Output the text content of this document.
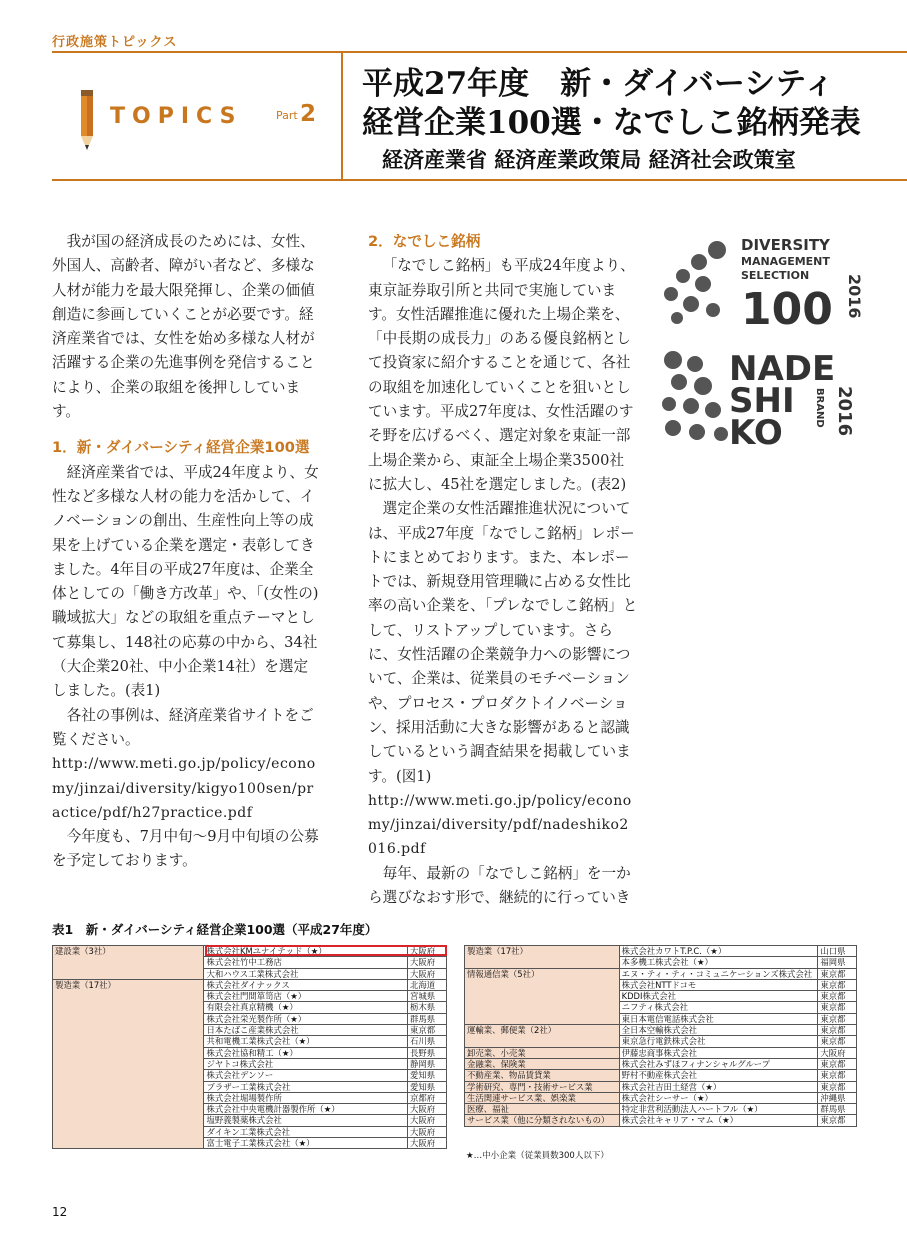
行政施策トピックス
TOPICS	Part 2
平成27年度　新・ダイバーシティ
経営企業100選・なでしこ銘柄発表
経済産業省 経済産業政策局 経済社会政策室

我が国の経済成長のためには、女性、外国人、高齢者、障がい者など、多様な人材が能力を最大限発揮し、企業の価値創造に参画していくことが必要です。経済産業省では、女性を始め多様な人材が活躍する企業の先進事例を発信することにより、企業の取組を後押ししています。

1．新・ダイバーシティ経営企業100選

経済産業省では、平成24年度より、女性など多様な人材の能力を活かして、イノベーションの創出、生産性向上等の成果を上げている企業を選定・表彰してきました。4年目の平成27年度は、企業全体としての「働き方改革」や、「(女性の) 職域拡大」などの取組を重点テーマとして募集し、148社の応募の中から、34社（大企業20社、中小企業14社）を選定しました。(表1)

各社の事例は、経済産業省サイトをご覧ください。

http://www.meti.go.jp/policy/economy/jinzai/diversity/kigyo100sen/practice/pdf/h27practice.pdf

今年度も、7月中旬～9月中旬頃の公募を予定しております。

2．なでしこ銘柄

「なでしこ銘柄」も平成24年度より、東京証券取引所と共同で実施しています。女性活躍推進に優れた上場企業を、「中長期の成長力」のある優良銘柄として投資家に紹介することを通じて、各社の取組を加速化していくことを狙いとしています。平成27年度は、女性活躍のすそ野を広げるべく、選定対象を東証一部上場企業から、東証全上場企業3500社に拡大し、45社を選定しました。(表2)

選定企業の女性活躍推進状況については、平成27年度「なでしこ銘柄」レポートにまとめております。また、本レポートでは、新規登用管理職に占める女性比率の高い企業を、「プレなでしこ銘柄」として、リストアップしています。さらに、女性活躍の企業競争力への影響について、企業は、従業員のモチベーションや、プロセス・プロダクトイノベーション、採用活動に大きな影響があると認識しているという調査結果を掲載しています。(図1)

http://www.meti.go.jp/policy/economy/jinzai/diversity/pdf/nadeshiko2016.pdf

毎年、最新の「なでしこ銘柄」を一から選びなおす形で、継続的に行っていき

DIVERSITY
MANAGEMENT
SELECTION
100 2016
NADE
SHI
KO
BRAND 2016
表1　新・ダイバーシティ経営企業100選（平成27年度）
建設業（3社）	株式会社KMユナイテッド（★）	大阪府
	株式会社竹中工務店	大阪府
	大和ハウス工業株式会社	大阪府
製造業（17社）	株式会社ダイナックス	北海道
	株式会社門間箪笥店（★）	宮城県
	有限会社真京精機（★）	栃木県
	株式会社栄光製作所（★）	群馬県
	日本たばこ産業株式会社	東京都
	共和電機工業株式会社（★）	石川県
	株式会社協和精工（★）	長野県
	ジヤトコ株式会社	静岡県
	株式会社デンソー	愛知県
	ブラザー工業株式会社	愛知県
	株式会社堀場製作所	京都府
	株式会社中央電機計器製作所（★）	大阪府
	塩野義製薬株式会社	大阪府
	ダイキン工業株式会社	大阪府
	富士電子工業株式会社（★）	大阪府
製造業（17社）	株式会社カワトT.P.C.（★）	山口県
	本多機工株式会社（★）	福岡県
情報通信業（5社）	エヌ・ティ・ティ・コミュニケーションズ株式会社	東京都
	株式会社NTTドコモ	東京都
	KDDI株式会社	東京都
	ニフティ株式会社	東京都
	東日本電信電話株式会社	東京都
運輸業、郵便業（2社）	全日本空輸株式会社	東京都
	東京急行電鉄株式会社	東京都
卸売業、小売業	伊藤忠商事株式会社	大阪府
金融業、保険業	株式会社みずほフィナンシャルグループ	東京都
不動産業、物品賃貸業	野村不動産株式会社	東京都
学術研究、専門・技術サービス業	株式会社吉田土経営（★）	東京都
生活関連サービス業、娯楽業	株式会社シーサー（★）	沖縄県
医療、福祉	特定非営利活動法人ハートフル（★）	群馬県
サービス業（他に分類されないもの）	株式会社キャリア・マム（★）	東京都
★…中小企業（従業員数300人以下）
12
